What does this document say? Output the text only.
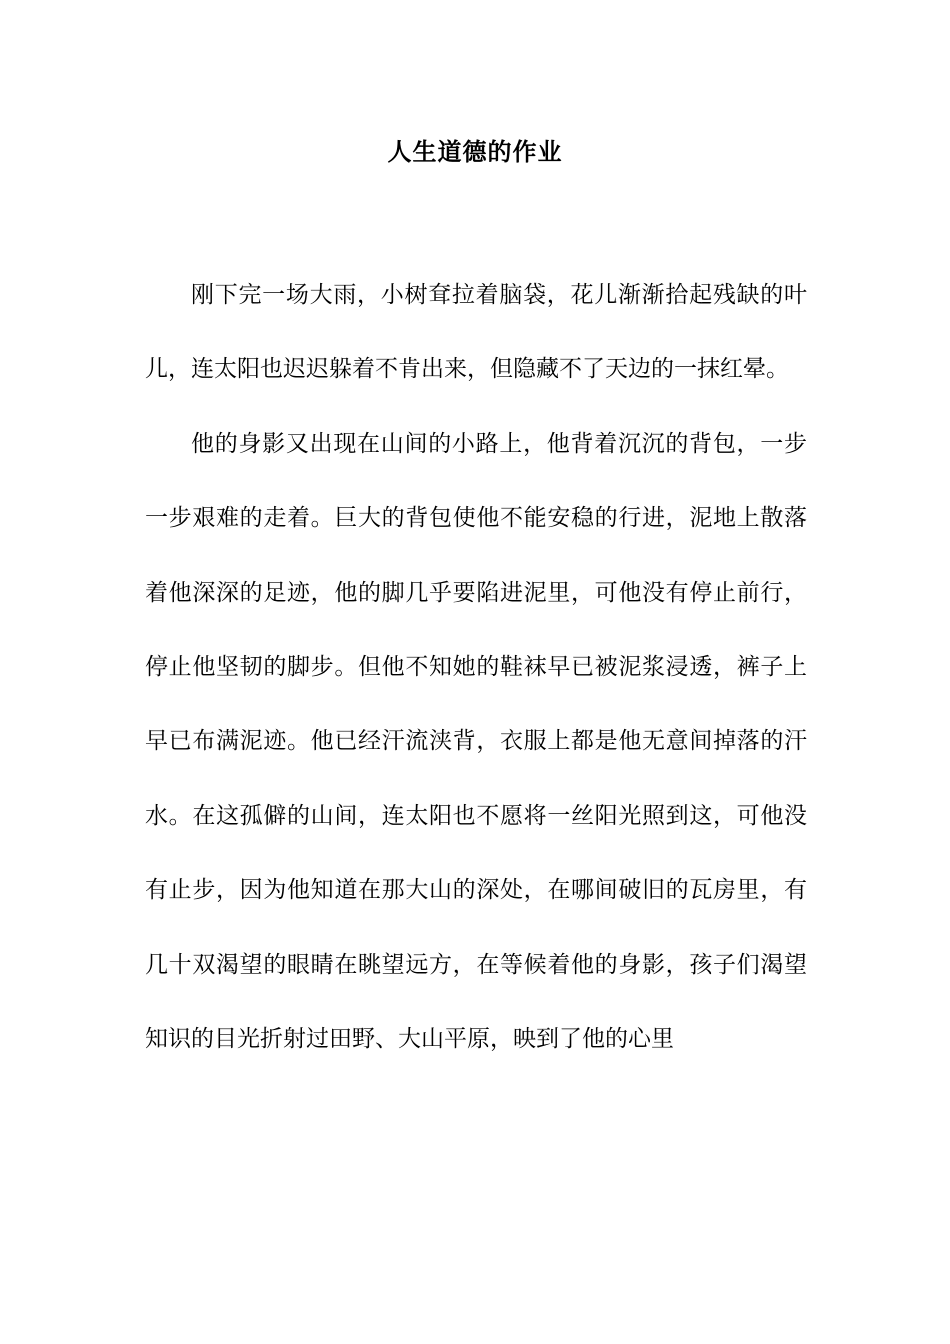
人生道德的作业

刚下完一场大雨，小树耷拉着脑袋，花儿渐渐拾起残缺的叶儿，连太阳也迟迟躲着不肯出来，但隐藏不了天边的一抹红晕。

他的身影又出现在山间的小路上，他背着沉沉的背包，一步一步艰难的走着。巨大的背包使他不能安稳的行进，泥地上散落着他深深的足迹，他的脚几乎要陷进泥里，可他没有停止前行，停止他坚韧的脚步。但他不知她的鞋袜早已被泥浆浸透，裤子上早已布满泥迹。他已经汗流浃背，衣服上都是他无意间掉落的汗水。在这孤僻的山间，连太阳也不愿将一丝阳光照到这，可他没有止步，因为他知道在那大山的深处，在哪间破旧的瓦房里，有几十双渴望的眼睛在眺望远方，在等候着他的身影，孩子们渴望知识的目光折射过田野、大山平原，映到了他的心里
